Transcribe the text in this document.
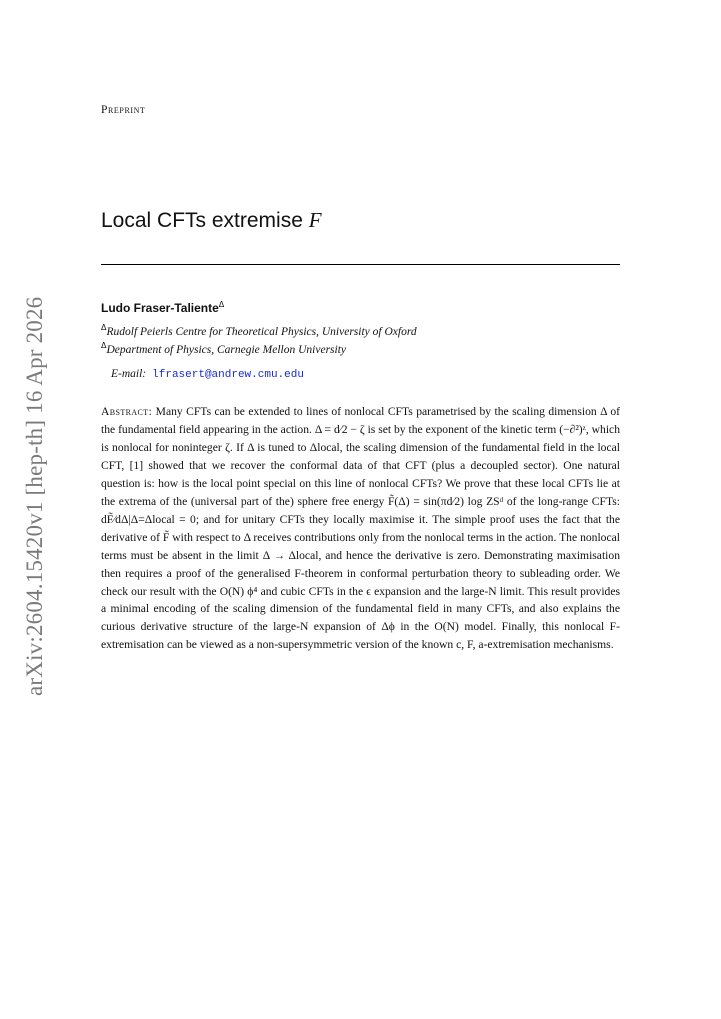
arXiv:2604.15420v1 [hep-th] 16 Apr 2026
Preprint
Local CFTs extremise F
Ludo Fraser-Taliente$^\Delta$
$^\Delta$Rudolf Peierls Centre for Theoretical Physics, University of Oxford
$^\Delta$Department of Physics, Carnegie Mellon University
E-mail: lfrasert@andrew.cmu.edu

Abstract: Many CFTs can be extended to lines of nonlocal CFTs parametrised by the scaling dimension Δ of the fundamental field appearing in the action. Δ = d⁄2 − ζ is set by the exponent of the kinetic term (−∂²)ᶻ, which is nonlocal for noninteger ζ. If Δ is tuned to Δlocal, the scaling dimension of the fundamental field in the local CFT, [1] showed that we recover the conformal data of that CFT (plus a decoupled sector). One natural question is: how is the local point special on this line of nonlocal CFTs? We prove that these local CFTs lie at the extrema of the (universal part of the) sphere free energy F̃(Δ) = sin(πd⁄2) log ZSᵈ of the long-range CFTs: dF̃⁄dΔ|Δ=Δlocal = 0; and for unitary CFTs they locally maximise it. The simple proof uses the fact that the derivative of F̃ with respect to Δ receives contributions only from the nonlocal terms in the action. The nonlocal terms must be absent in the limit Δ → Δlocal, and hence the derivative is zero. Demonstrating maximisation then requires a proof of the generalised F-theorem in conformal perturbation theory to subleading order. We check our result with the O(N) ϕ⁴ and cubic CFTs in the ϵ expansion and the large-N limit. This result provides a minimal encoding of the scaling dimension of the fundamental field in many CFTs, and also explains the curious derivative structure of the large-N expansion of Δϕ in the O(N) model. Finally, this nonlocal F-extremisation can be viewed as a non-supersymmetric version of the known c, F, a-extremisation mechanisms.
